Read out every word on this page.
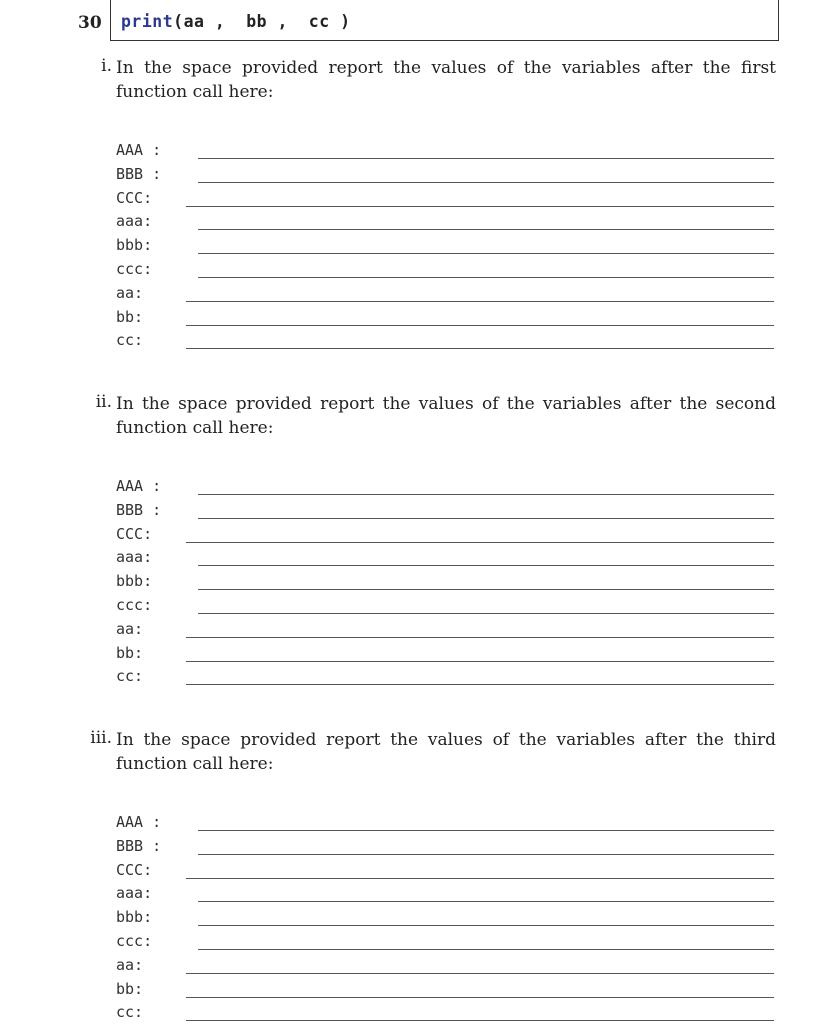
30 print(aa ,  bb ,  cc )
i. In the space provided report the values of the variables after the first function call here:

AAA :
BBB :
CCC:
aaa:
bbb:
ccc:
aa:
bb:
cc:
ii. In the space provided report the values of the variables after the second function call here:

AAA :
BBB :
CCC:
aaa:
bbb:
ccc:
aa:
bb:
cc:
iii. In the space provided report the values of the variables after the third function call here:

AAA :
BBB :
CCC:
aaa:
bbb:
ccc:
aa:
bb:
cc:
